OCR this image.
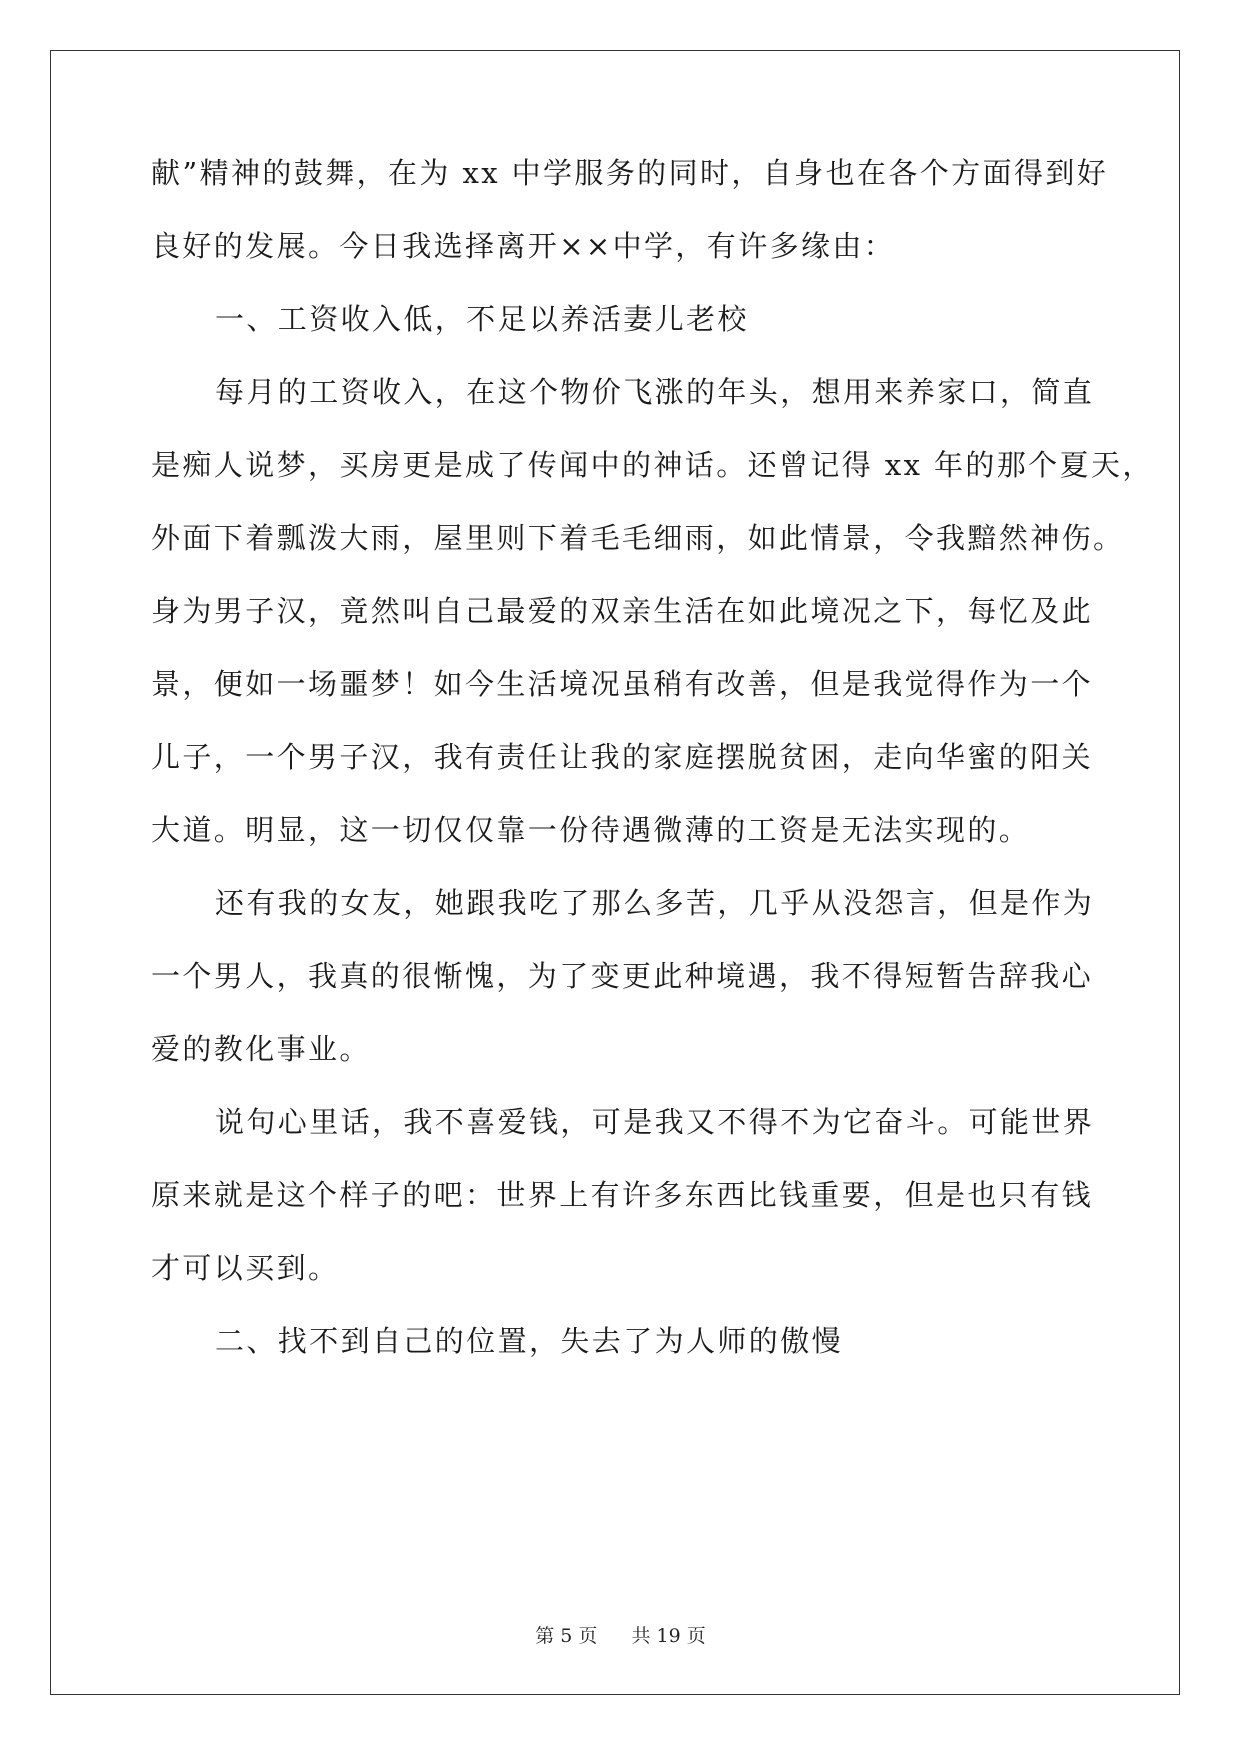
献”精神的鼓舞，在为 xx 中学服务的同时，自身也在各个方面得到好
良好的发展。今日我选择离开××中学，有许多缘由：
一、工资收入低，不足以养活妻儿老校
每月的工资收入，在这个物价飞涨的年头，想用来养家口，简直
是痴人说梦，买房更是成了传闻中的神话。还曾记得 xx 年的那个夏天，
外面下着瓢泼大雨，屋里则下着毛毛细雨，如此情景，令我黯然神伤。
身为男子汉，竟然叫自己最爱的双亲生活在如此境况之下，每忆及此
景，便如一场噩梦！如今生活境况虽稍有改善，但是我觉得作为一个
儿子，一个男子汉，我有责任让我的家庭摆脱贫困，走向华蜜的阳关
大道。明显，这一切仅仅靠一份待遇微薄的工资是无法实现的。
还有我的女友，她跟我吃了那么多苦，几乎从没怨言，但是作为
一个男人，我真的很惭愧，为了变更此种境遇，我不得短暂告辞我心
爱的教化事业。
说句心里话，我不喜爱钱，可是我又不得不为它奋斗。可能世界
原来就是这个样子的吧：世界上有许多东西比钱重要，但是也只有钱
才可以买到。
二、找不到自己的位置，失去了为人师的傲慢
第 5 页 共 19 页
